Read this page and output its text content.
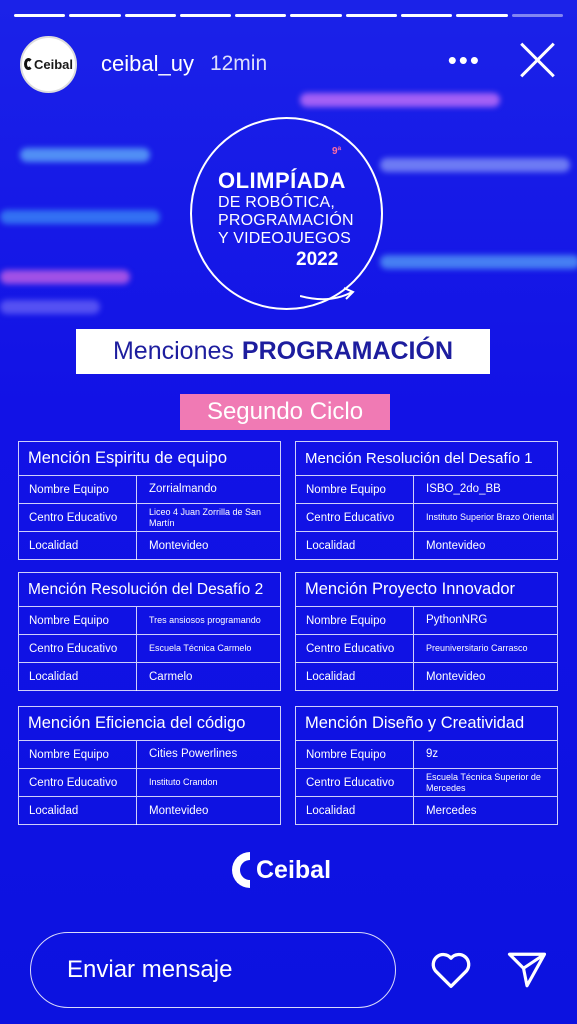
Ceibal ceibal_uy 12min	•••
9ª
OLIMPÍADA
DE ROBÓTICA,
PROGRAMACIÓN
Y VIDEOJUEGOS
2022
Menciones PROGRAMACIÓN
Segundo Ciclo
Mención Espiritu de equipo
Nombre Equipo	Zorrialmando
Centro Educativo	Liceo 4 Juan Zorrilla de San Martín
Localidad	Montevideo
Mención Resolución del Desafío 1
Nombre Equipo	ISBO_2do_BB
Centro Educativo	Instituto Superior Brazo Oriental
Localidad	Montevideo
Mención Resolución del Desafío 2
Nombre Equipo	Tres ansiosos programando
Centro Educativo	Escuela Técnica Carmelo
Localidad	Carmelo
Mención Proyecto Innovador
Nombre Equipo	PythonNRG
Centro Educativo	Preuniversitario Carrasco
Localidad	Montevideo
Mención Eficiencia del código
Nombre Equipo	Cities Powerlines
Centro Educativo	Instituto Crandon
Localidad	Montevideo
Mención Diseño y Creatividad
Nombre Equipo	9z
Centro Educativo	Escuela Técnica Superior de Mercedes
Localidad	Mercedes
Ceibal
Enviar mensaje
